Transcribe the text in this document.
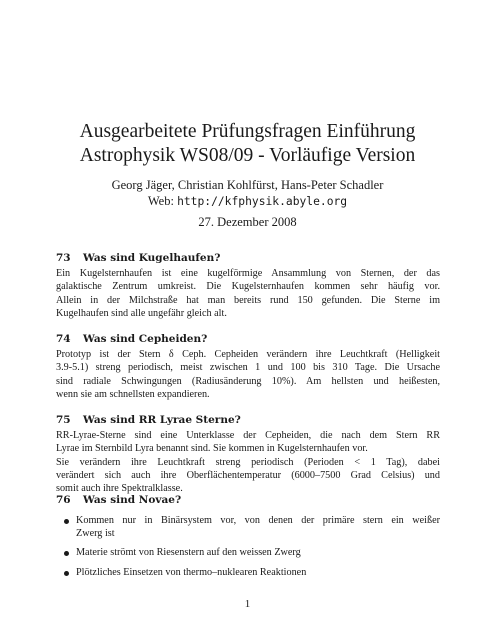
Ausgearbeitete Prüfungsfragen Einführung
Astrophysik WS08/09 - Vorläufige Version
Georg Jäger, Christian Kohlfürst, Hans-Peter Schadler
Web: http://kfphysik.abyle.org
27. Dezember 2008
73 Was sind Kugelhaufen?
Ein Kugelsternhaufen ist eine kugelförmige Ansammlung von Sternen, der das
galaktische Zentrum umkreist. Die Kugelsternhaufen kommen sehr häufig vor.
Allein in der Milchstraße hat man bereits rund 150 gefunden. Die Sterne im
Kugelhaufen sind alle ungefähr gleich alt.
74 Was sind Cepheiden?
Prototyp ist der Stern δ Ceph. Cepheiden verändern ihre Leuchtkraft (Helligkeit
3.9-5.1) streng periodisch, meist zwischen 1 und 100 bis 310 Tage. Die Ursache
sind radiale Schwingungen (Radiusänderung 10%). Am hellsten und heißesten,
wenn sie am schnellsten expandieren.
75 Was sind RR Lyrae Sterne?
RR-Lyrae-Sterne sind eine Unterklasse der Cepheiden, die nach dem Stern RR
Lyrae im Sternbild Lyra benannt sind. Sie kommen in Kugelsternhaufen vor.
Sie verändern ihre Leuchtkraft streng periodisch (Perioden < 1 Tag), dabei
verändert sich auch ihre Oberflächentemperatur (6000–7500 Grad Celsius) und
somit auch ihre Spektralklasse.
76 Was sind Novae?
Kommen nur in Binärsystem vor, von denen der primäre stern ein weißer
Zwerg ist
Materie strömt von Riesenstern auf den weissen Zwerg
Plötzliches Einsetzen von thermo–nuklearen Reaktionen
1
